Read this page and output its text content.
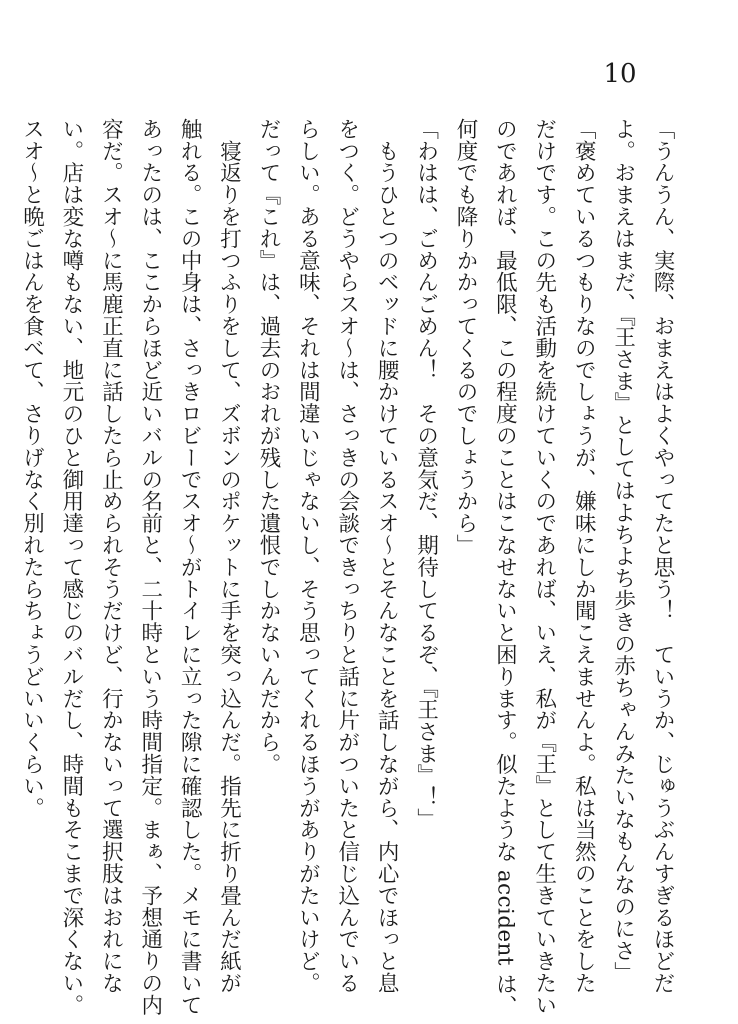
10
「うんうん、実際、おまえはよくやってたと思う！　ていうか、じゅうぶんすぎるほどだ
よ。おまえはまだ、『王さま』としてはよちよち歩きの赤ちゃんみたいなもんなのにさ」
「褒めているつもりなのでしょうが、嫌味にしか聞こえませんよ。私は当然のことをした
だけです。この先も活動を続けていくのであれば、いえ、私が『王』として生きていきたい
のであれば、最低限、この程度のことはこなせないと困ります。似たような accident は、
何度でも降りかかってくるのでしょうから」
「わはは、ごめんごめん！　その意気だ、期待してるぞ、『王さま』！」
　もうひとつのベッドに腰かけているスオ〜とそんなことを話しながら、内心でほっと息
をつく。どうやらスオ〜は、さっきの会談できっちりと話に片がついたと信じ込んでいる
らしい。ある意味、それは間違いじゃないし、そう思ってくれるほうがありがたいけど。
だって『これ』は、過去のおれが残した遺恨でしかないんだから。
　寝返りを打つふりをして、ズボンのポケットに手を突っ込んだ。指先に折り畳んだ紙が
触れる。この中身は、さっきロビーでスオ〜がトイレに立った隙に確認した。メモに書いて
あったのは、ここからほど近いバルの名前と、二十時という時間指定。まぁ、予想通りの内
容だ。スオ〜に馬鹿正直に話したら止められそうだけど、行かないって選択肢はおれにな
い。店は変な噂もない、地元のひと御用達って感じのバルだし、時間もそこまで深くない。
スオ〜と晩ごはんを食べて、さりげなく別れたらちょうどいいくらい。
